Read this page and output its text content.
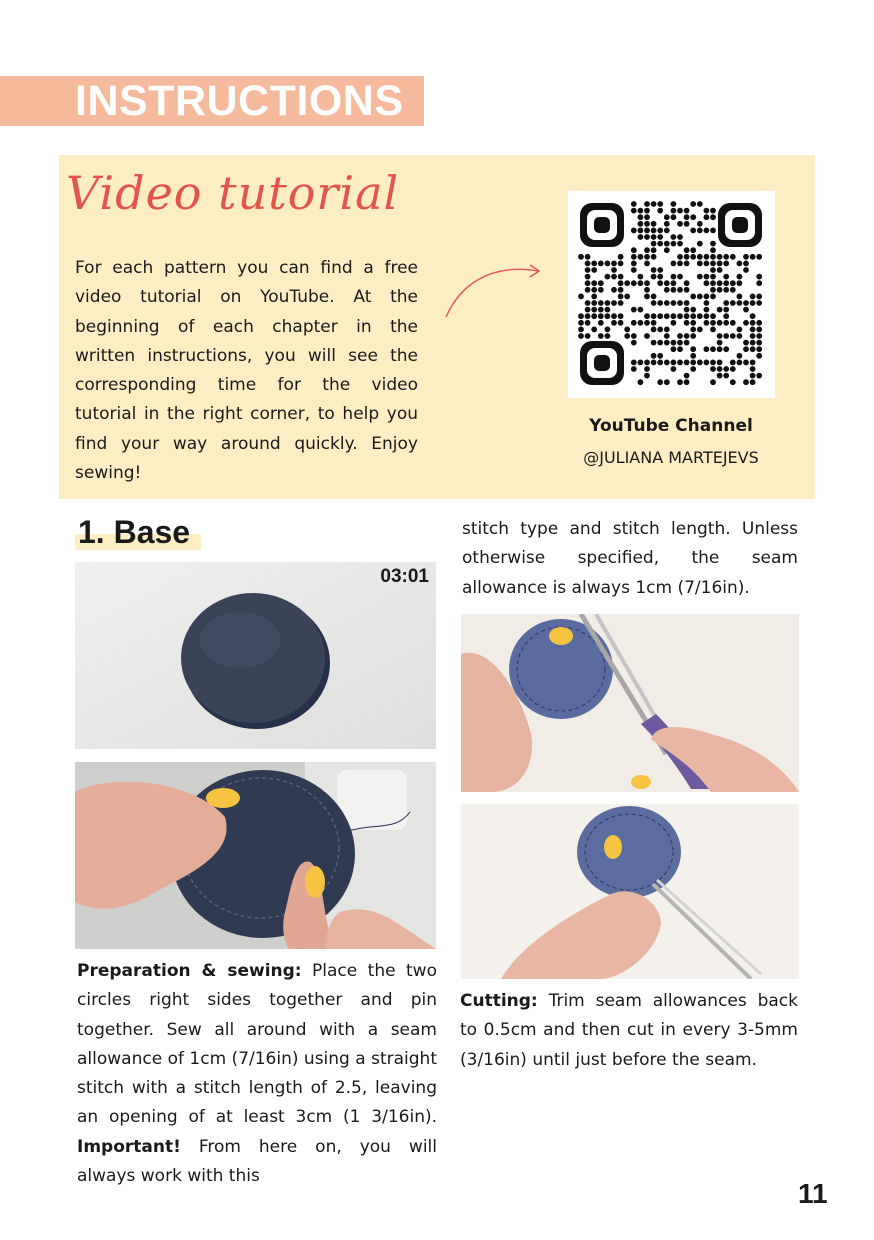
INSTRUCTIONS
Video tutorial

For each pattern you can find a free video tutorial on YouTube. At the beginning of each chapter in the written instructions, you will see the corresponding time for the video tutorial in the right corner, to help you find your way around quickly. Enjoy sewing!

YouTube Channel
@JULIANA MARTEJEVS
1. Base
03:01

Preparation & sewing: Place the two circles right sides together and pin together. Sew all around with a seam allowance of 1cm (7/16in) using a straight stitch with a stitch length of 2.5, leaving an opening of at least 3cm (1 3/16in). Important! From here on, you will always work with this

stitch type and stitch length. Unless otherwise specified, the seam allowance is always 1cm (7/16in).

Cutting: Trim seam allowances back to 0.5cm and then cut in every 3-5mm (3/16in) until just before the seam.

11
